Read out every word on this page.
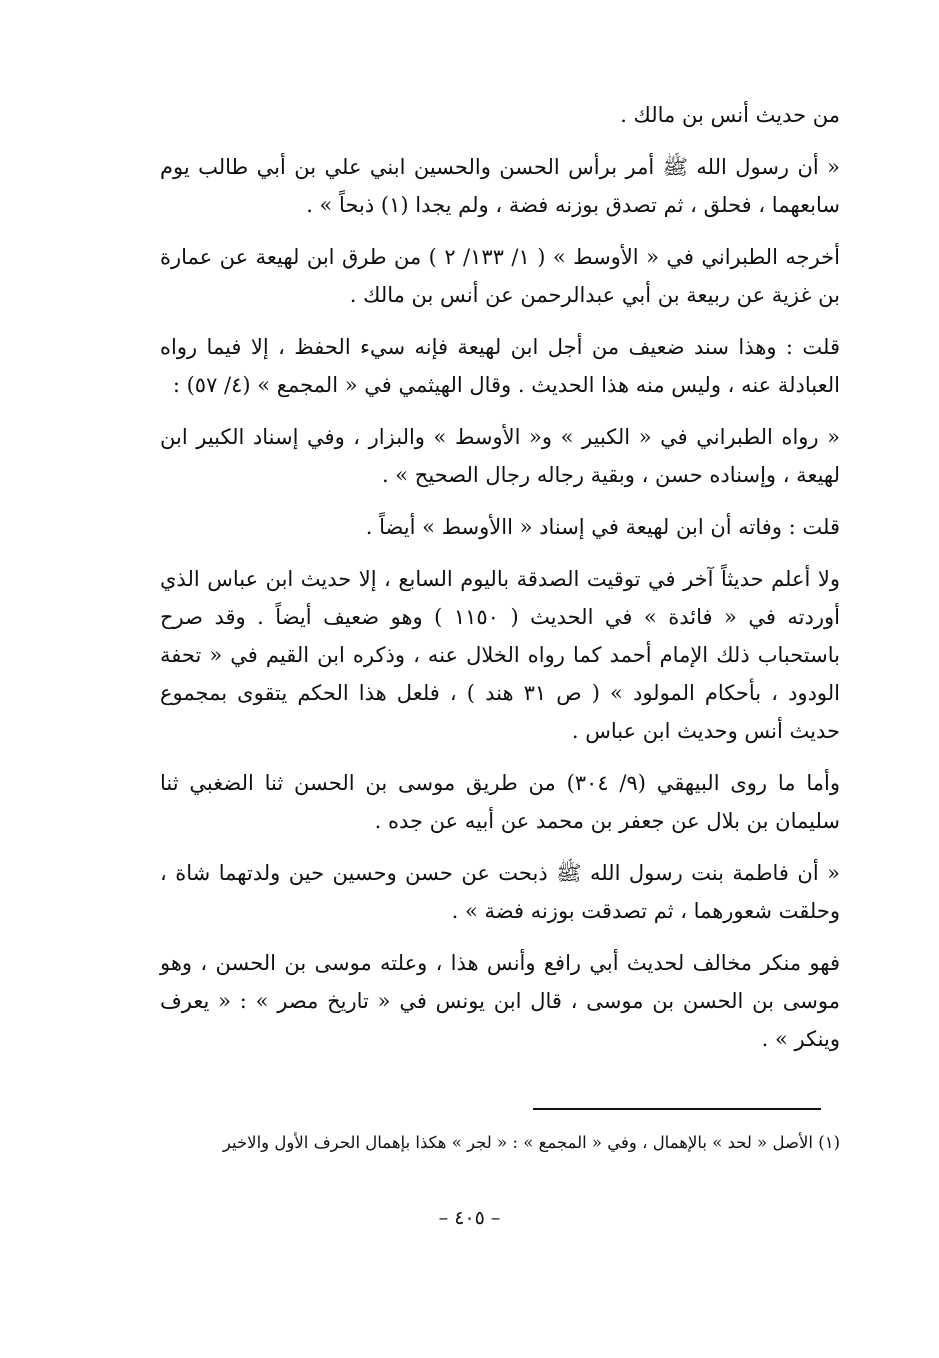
من حديث أنس بن مالك .

« أن رسول الله ﷺ أمر برأس الحسن والحسين ابني علي بن أبي طالب يوم سابعهما ، فحلق ، ثم تصدق بوزنه فضة ، ولم يجدا (١) ذبحاً » .

أخرجه الطبراني في « الأوسط » ( ١/ ١٣٣/ ٢ ) من طرق ابن لهيعة عن عمارة بن غزية عن ربيعة بن أبي عبدالرحمن عن أنس بن مالك .

قلت : وهذا سند ضعيف من أجل ابن لهيعة فإنه سيء الحفظ ، إلا فيما رواه العبادلة عنه ، وليس منه هذا الحديث . وقال الهيثمي في « المجمع » (٤/ ٥٧) :

« رواه الطبراني في « الكبير » و« الأوسط » والبزار ، وفي إسناد الكبير ابن لهيعة ، وإسناده حسن ، وبقية رجاله رجال الصحيح » .

قلت : وفاته أن ابن لهيعة في إسناد « االأوسط » أيضاً .

ولا أعلم حديثاً آخر في توقيت الصدقة باليوم السابع ، إلا حديث ابن عباس الذي أوردته في « فائدة » في الحديث ( ١١٥٠ ) وهو ضعيف أيضاً . وقد صرح باستحباب ذلك الإمام أحمد كما رواه الخلال عنه ، وذكره ابن القيم في « تحفة الودود ، بأحكام المولود » ( ص ٣١ هند ) ، فلعل هذا الحكم يتقوى بمجموع حديث أنس وحديث ابن عباس .

وأما ما روى البيهقي (٩/ ٣٠٤) من طريق موسى بن الحسن ثنا الضغبي ثنا سليمان بن بلال عن جعفر بن محمد عن أبيه عن جده .

« أن فاطمة بنت رسول الله ﷺ ذبحت عن حسن وحسين حين ولدتهما شاة ، وحلقت شعورهما ، ثم تصدقت بوزنه فضة » .

فهو منكر مخالف لحديث أبي رافع وأنس هذا ، وعلته موسى بن الحسن ، وهو موسى بن الحسن بن موسى ، قال ابن يونس في « تاريخ مصر » : « يعرف وينكر » .

(١) الأصل « لحد » بالإهمال ، وفي « المجمع » : « لجر » هكذا بإهمال الحرف الأول والاخير
– ٤٠٥ –
